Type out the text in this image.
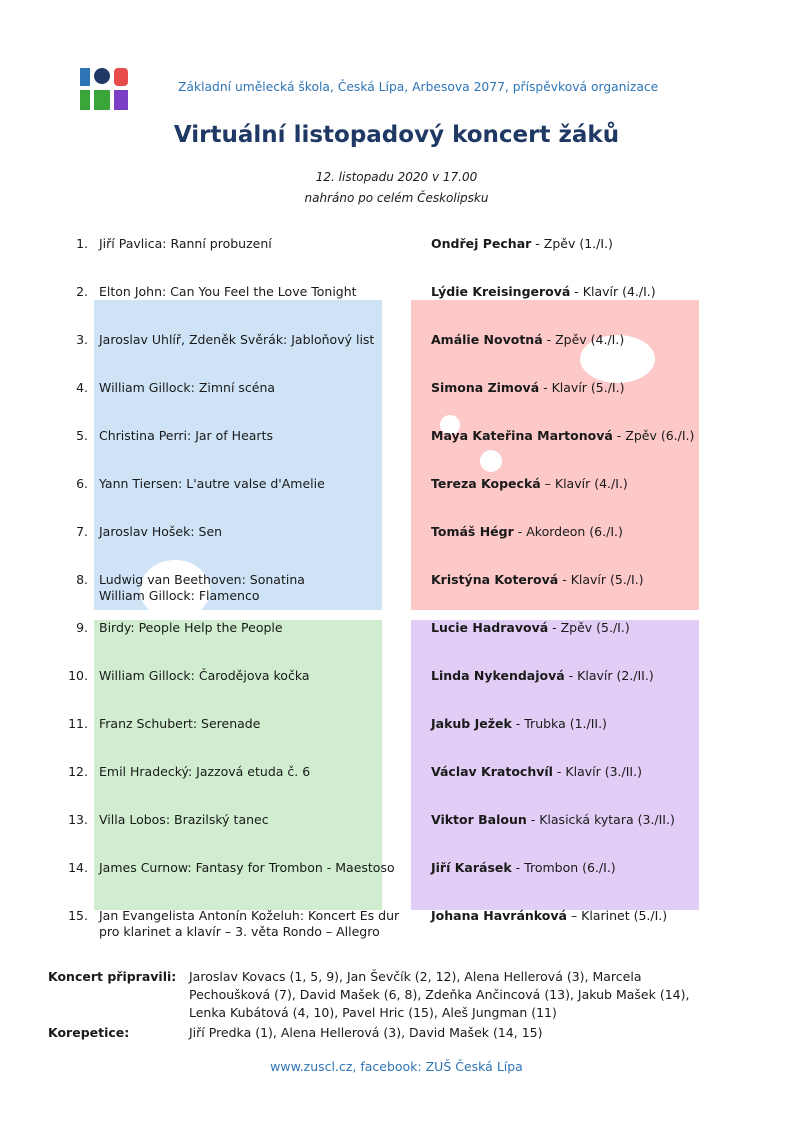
Základní umělecká škola, Česká Lípa, Arbesova 2077, příspěvková organizace
Virtuální listopadový koncert žáků
12. listopadu 2020 v 17.00
nahráno po celém Českolipsku
1. Jiří Pavlica: Ranní probuzení	Ondřej Pechar - Zpěv (1./I.)
2. Elton John: Can You Feel the Love Tonight	Lýdie Kreisingerová - Klavír (4./I.)
3. Jaroslav Uhlíř, Zdeněk Svěrák: Jabloňový list	Amálie Novotná - Zpěv (4./I.)
4. William Gillock: Zimní scéna	Simona Zimová - Klavír (5./I.)
5. Christina Perri: Jar of Hearts	Maya Kateřina Martonová - Zpěv (6./I.)
6. Yann Tiersen: L'autre valse d'Amelie	Tereza Kopecká – Klavír (4./I.)
7. Jaroslav Hošek: Sen	Tomáš Hégr - Akordeon (6./I.)
8. Ludwig van Beethoven: Sonatina
William Gillock: Flamenco
Kristýna Koterová - Klavír (5./I.)
9. Birdy: People Help the People	Lucie Hadravová - Zpěv (5./I.)
10. William Gillock: Čarodějova kočka	Linda Nykendajová - Klavír (2./II.)
11. Franz Schubert: Serenade	Jakub Ježek - Trubka (1./II.)
12. Emil Hradecký: Jazzová etuda č. 6	Václav Kratochvíl - Klavír (3./II.)
13. Villa Lobos: Brazilský tanec	Viktor Baloun - Klasická kytara (3./II.)
14. James Curnow: Fantasy for Trombon - Maestoso	Jiří Karásek - Trombon (6./I.)
15. Jan Evangelista Antonín Koželuh: Koncert Es dur
pro klarinet a klavír – 3. věta Rondo – Allegro
Johana Havránková – Klarinet (5./I.)
Koncert připravili:	Jaroslav Kovacs (1, 5, 9), Jan Ševčík (2, 12), Alena Hellerová (3), Marcela Pechoušková (7), David Mašek (6, 8), Zdeňka Ančincová (13), Jakub Mašek (14), Lenka Kubátová (4, 10), Pavel Hric (15), Aleš Jungman (11)
Korepetice:	Jiří Predka (1), Alena Hellerová (3), David Mašek (14, 15)
www.zuscl.cz, facebook: ZUŠ Česká Lípa
